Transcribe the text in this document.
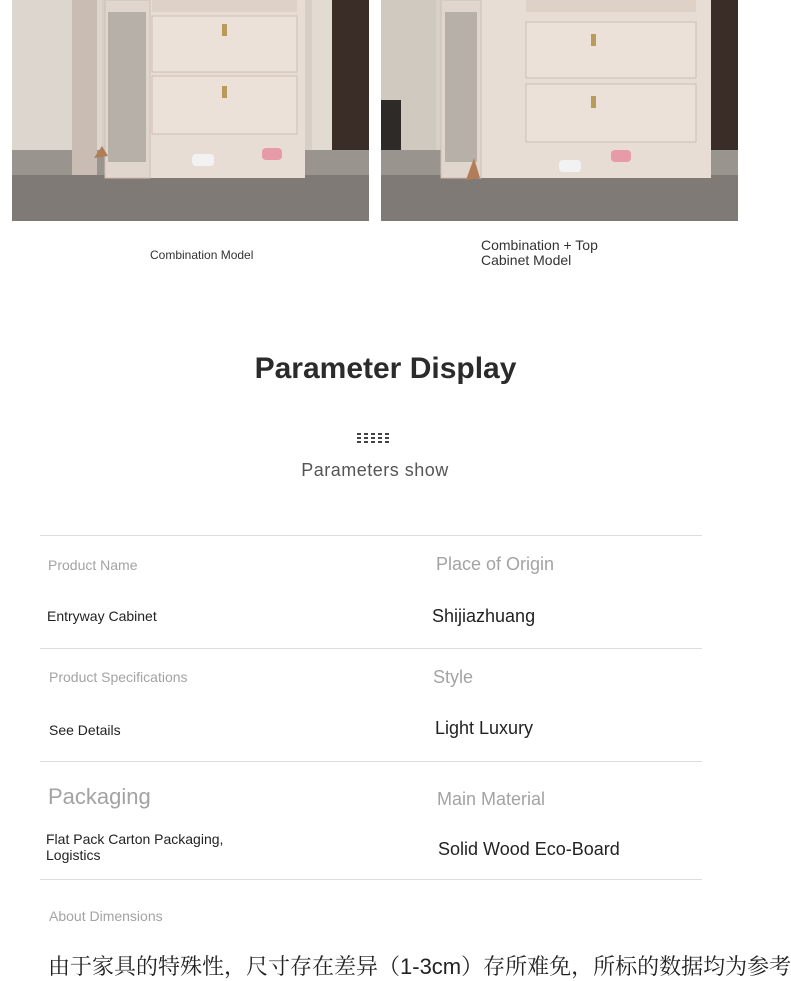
Combination Model
Combination + Top Cabinet Model
Parameter Display
Parameters show
Product Name	Place of Origin
Entryway Cabinet	Shijiazhuang
Product Specifications	Style
See Details	Light Luxury
Packaging	Main Material
Flat Pack Carton Packaging, Logistics	Solid Wood Eco-Board
About Dimensions
由于家具的特殊性，尺寸存在差异（1-3cm）存所难免，所标的数据均为参考
